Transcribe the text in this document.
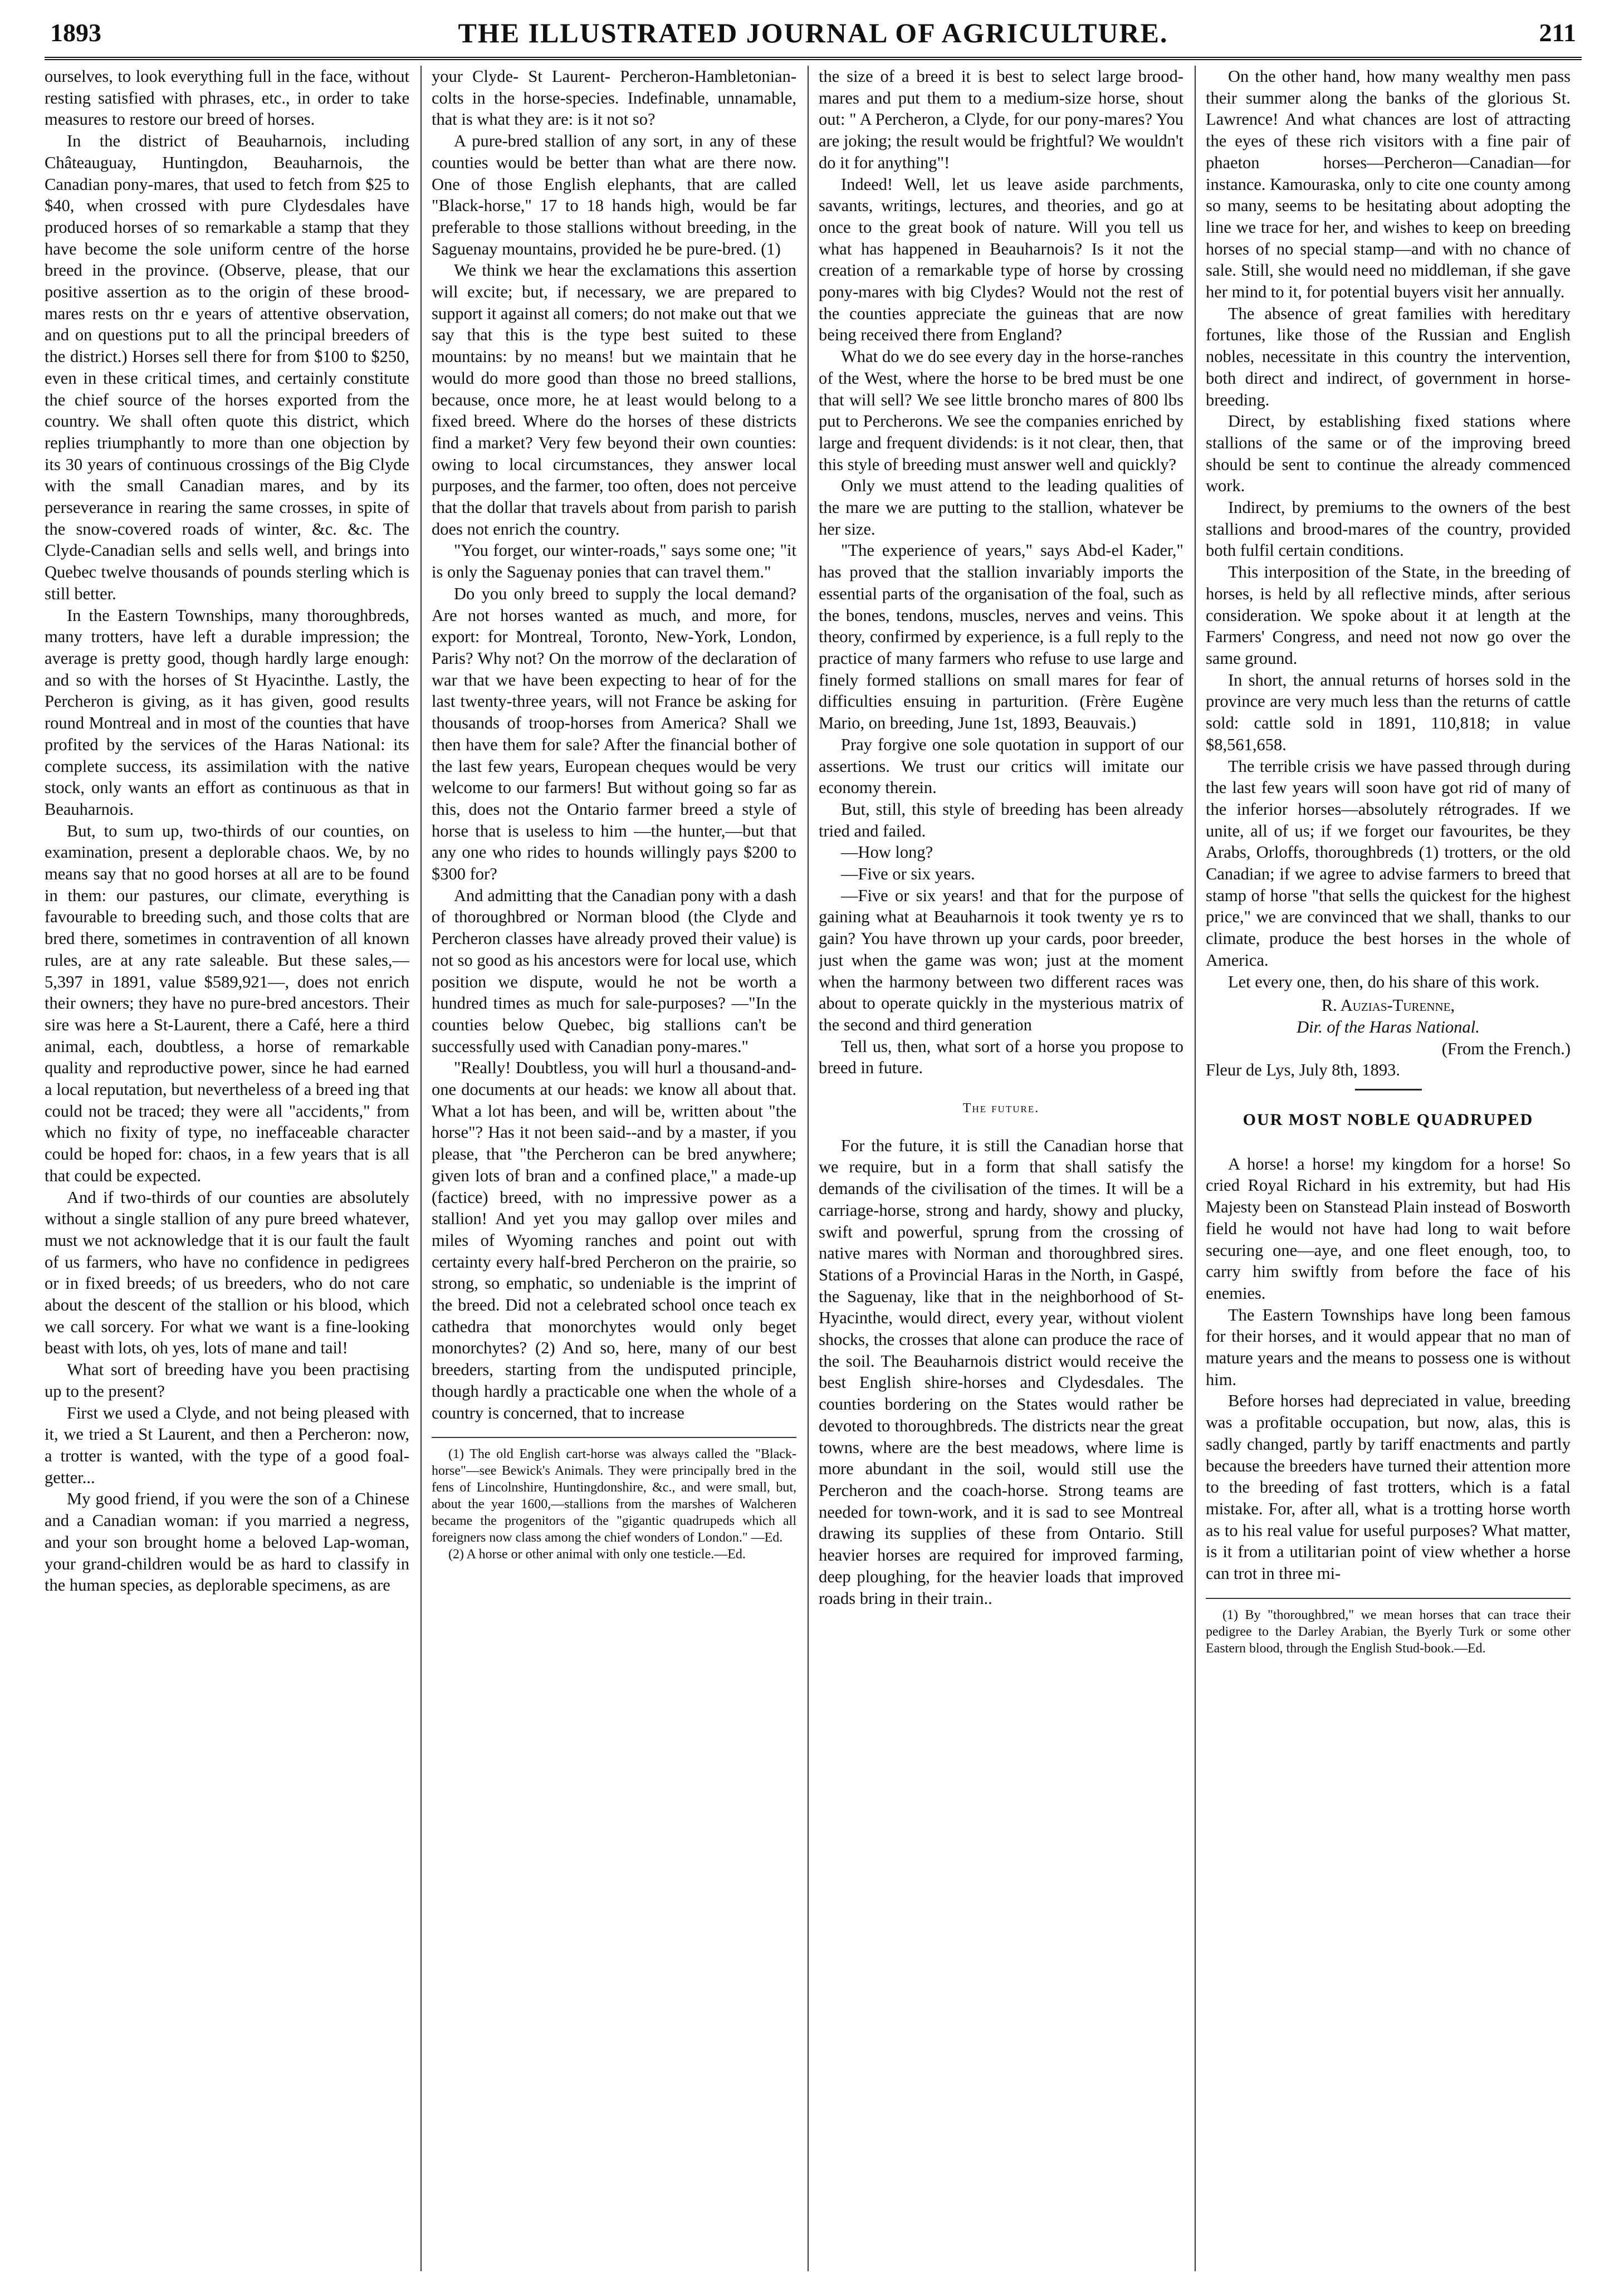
1893	THE ILLUSTRATED JOURNAL OF AGRICULTURE.	211

ourselves, to look everything full in the face, without resting satisfied with phrases, etc., in order to take measures to restore our breed of horses.

In the district of Beauharnois, including Châteauguay, Huntingdon, Beauharnois, the Canadian pony-mares, that used to fetch from $25 to $40, when crossed with pure Clydesdales have produced horses of so remarkable a stamp that they have become the sole uniform centre of the horse breed in the province. (Observe, please, that our positive assertion as to the origin of these brood-mares rests on thr e years of attentive observation, and on questions put to all the principal breeders of the district.) Horses sell there for from $100 to $250, even in these critical times, and certainly constitute the chief source of the horses exported from the country. We shall often quote this district, which replies triumphantly to more than one objection by its 30 years of continuous crossings of the Big Clyde with the small Canadian mares, and by its perseverance in rearing the same crosses, in spite of the snow-covered roads of winter, &c. &c. The Clyde-Canadian sells and sells well, and brings into Quebec twelve thousands of pounds sterling which is still better.

In the Eastern Townships, many thoroughbreds, many trotters, have left a durable impression; the average is pretty good, though hardly large enough: and so with the horses of St Hyacinthe. Lastly, the Percheron is giving, as it has given, good results round Montreal and in most of the counties that have profited by the services of the Haras National: its complete success, its assimilation with the native stock, only wants an effort as continuous as that in Beauharnois.

But, to sum up, two-thirds of our counties, on examination, present a deplorable chaos. We, by no means say that no good horses at all are to be found in them: our pastures, our climate, everything is favourable to breeding such, and those colts that are bred there, sometimes in contravention of all known rules, are at any rate saleable. But these sales,—5,397 in 1891, value $589,921—, does not enrich their owners; they have no pure-bred ancestors. Their sire was here a St-Laurent, there a Café, here a third animal, each, doubtless, a horse of remarkable quality and reproductive power, since he had earned a local reputation, but nevertheless of a breed ing that could not be traced; they were all "accidents," from which no fixity of type, no ineffaceable character could be hoped for: chaos, in a few years that is all that could be expected.

And if two-thirds of our counties are absolutely without a single stallion of any pure breed whatever, must we not acknowledge that it is our fault the fault of us farmers, who have no confidence in pedigrees or in fixed breeds; of us breeders, who do not care about the descent of the stallion or his blood, which we call sorcery. For what we want is a fine-looking beast with lots, oh yes, lots of mane and tail!

What sort of breeding have you been practising up to the present?

First we used a Clyde, and not being pleased with it, we tried a St Laurent, and then a Percheron: now, a trotter is wanted, with the type of a good foal-getter...

My good friend, if you were the son of a Chinese and a Canadian woman: if you married a negress, and your son brought home a beloved Lap-woman, your grand-children would be as hard to classify in the human species, as deplorable specimens, as are

your Clyde- St Laurent- Percheron-Hambletonian-colts in the horse-species. Indefinable, unnamable, that is what they are: is it not so?

A pure-bred stallion of any sort, in any of these counties would be better than what are there now. One of those English elephants, that are called "Black-horse," 17 to 18 hands high, would be far preferable to those stallions without breeding, in the Saguenay mountains, provided he be pure-bred. (1)

We think we hear the exclamations this assertion will excite; but, if necessary, we are prepared to support it against all comers; do not make out that we say that this is the type best suited to these mountains: by no means! but we maintain that he would do more good than those no breed stallions, because, once more, he at least would belong to a fixed breed. Where do the horses of these districts find a market? Very few beyond their own counties: owing to local circumstances, they answer local purposes, and the farmer, too often, does not perceive that the dollar that travels about from parish to parish does not enrich the country.

"You forget, our winter-roads," says some one; "it is only the Saguenay ponies that can travel them."

Do you only breed to supply the local demand? Are not horses wanted as much, and more, for export: for Montreal, Toronto, New-York, London, Paris? Why not? On the morrow of the declaration of war that we have been expecting to hear of for the last twenty-three years, will not France be asking for thousands of troop-horses from America? Shall we then have them for sale? After the financial bother of the last few years, European cheques would be very welcome to our farmers! But without going so far as this, does not the Ontario farmer breed a style of horse that is useless to him —the hunter,—but that any one who rides to hounds willingly pays $200 to $300 for?

And admitting that the Canadian pony with a dash of thoroughbred or Norman blood (the Clyde and Percheron classes have already proved their value) is not so good as his ancestors were for local use, which position we dispute, would he not be worth a hundred times as much for sale-purposes? —"In the counties below Quebec, big stallions can't be successfully used with Canadian pony-mares."

"Really! Doubtless, you will hurl a thousand-and-one documents at our heads: we know all about that. What a lot has been, and will be, written about "the horse"? Has it not been said--and by a master, if you please, that "the Percheron can be bred anywhere; given lots of bran and a confined place," a made-up (factice) breed, with no impressive power as a stallion! And yet you may gallop over miles and miles of Wyoming ranches and point out with certainty every half-bred Percheron on the prairie, so strong, so emphatic, so undeniable is the imprint of the breed. Did not a celebrated school once teach ex cathedra that monorchytes would only beget monorchytes? (2) And so, here, many of our best breeders, starting from the undisputed principle, though hardly a practicable one when the whole of a country is concerned, that to increase

(1) The old English cart-horse was always called the "Black-horse"—see Bewick's Animals. They were principally bred in the fens of Lincolnshire, Huntingdonshire, &c., and were small, but, about the year 1600,—stallions from the marshes of Walcheren became the progenitors of the "gigantic quadrupeds which all foreigners now class among the chief wonders of London." —Ed.

(2) A horse or other animal with only one testicle.—Ed.

the size of a breed it is best to select large brood-mares and put them to a medium-size horse, shout out: " A Percheron, a Clyde, for our pony-mares? You are joking; the result would be frightful? We wouldn't do it for anything"!

Indeed! Well, let us leave aside parchments, savants, writings, lectures, and theories, and go at once to the great book of nature. Will you tell us what has happened in Beauharnois? Is it not the creation of a remarkable type of horse by crossing pony-mares with big Clydes? Would not the rest of the counties appreciate the guineas that are now being received there from England?

What do we do see every day in the horse-ranches of the West, where the horse to be bred must be one that will sell? We see little broncho mares of 800 lbs put to Percherons. We see the companies enriched by large and frequent dividends: is it not clear, then, that this style of breeding must answer well and quickly?

Only we must attend to the leading qualities of the mare we are putting to the stallion, whatever be her size.

"The experience of years," says Abd-el Kader," has proved that the stallion invariably imports the essential parts of the organisation of the foal, such as the bones, tendons, muscles, nerves and veins. This theory, confirmed by experience, is a full reply to the practice of many farmers who refuse to use large and finely formed stallions on small mares for fear of difficulties ensuing in parturition. (Frère Eugène Mario, on breeding, June 1st, 1893, Beauvais.)

Pray forgive one sole quotation in support of our assertions. We trust our critics will imitate our economy therein.

But, still, this style of breeding has been already tried and failed.

—How long?

—Five or six years.

—Five or six years! and that for the purpose of gaining what at Beauharnois it took twenty ye rs to gain? You have thrown up your cards, poor breeder, just when the game was won; just at the moment when the harmony between two different races was about to operate quickly in the mysterious matrix of the second and third generation

Tell us, then, what sort of a horse you propose to breed in future.

The future.

For the future, it is still the Canadian horse that we require, but in a form that shall satisfy the demands of the civilisation of the times. It will be a carriage-horse, strong and hardy, showy and plucky, swift and powerful, sprung from the crossing of native mares with Norman and thoroughbred sires. Stations of a Provincial Haras in the North, in Gaspé, the Saguenay, like that in the neighborhood of St-Hyacinthe, would direct, every year, without violent shocks, the crosses that alone can produce the race of the soil. The Beauharnois district would receive the best English shire-horses and Clydesdales. The counties bordering on the States would rather be devoted to thoroughbreds. The districts near the great towns, where are the best meadows, where lime is more abundant in the soil, would still use the Percheron and the coach-horse. Strong teams are needed for town-work, and it is sad to see Montreal drawing its supplies of these from Ontario. Still heavier horses are required for improved farming, deep ploughing, for the heavier loads that improved roads bring in their train..

On the other hand, how many wealthy men pass their summer along the banks of the glorious St. Lawrence! And what chances are lost of attracting the eyes of these rich visitors with a fine pair of phaeton horses—Percheron—Canadian—for instance. Kamouraska, only to cite one county among so many, seems to be hesitating about adopting the line we trace for her, and wishes to keep on breeding horses of no special stamp—and with no chance of sale. Still, she would need no middleman, if she gave her mind to it, for potential buyers visit her annually.

The absence of great families with hereditary fortunes, like those of the Russian and English nobles, necessitate in this country the intervention, both direct and indirect, of government in horse-breeding.

Direct, by establishing fixed stations where stallions of the same or of the improving breed should be sent to continue the already commenced work.

Indirect, by premiums to the owners of the best stallions and brood-mares of the country, provided both fulfil certain conditions.

This interposition of the State, in the breeding of horses, is held by all reflective minds, after serious consideration. We spoke about it at length at the Farmers' Congress, and need not now go over the same ground.

In short, the annual returns of horses sold in the province are very much less than the returns of cattle sold: cattle sold in 1891, 110,818; in value $8,561,658.

The terrible crisis we have passed through during the last few years will soon have got rid of many of the inferior horses—absolutely rétrogrades. If we unite, all of us; if we forget our favourites, be they Arabs, Orloffs, thoroughbreds (1) trotters, or the old Canadian; if we agree to advise farmers to breed that stamp of horse "that sells the quickest for the highest price," we are convinced that we shall, thanks to our climate, produce the best horses in the whole of America.

Let every one, then, do his share of this work.

R. Auzias-Turenne,
Dir. of the Haras National.
(From the French.)

Fleur de Lys, July 8th, 1893.

OUR MOST NOBLE QUADRUPED

A horse! a horse! my kingdom for a horse! So cried Royal Richard in his extremity, but had His Majesty been on Stanstead Plain instead of Bosworth field he would not have had long to wait before securing one—aye, and one fleet enough, too, to carry him swiftly from before the face of his enemies.

The Eastern Townships have long been famous for their horses, and it would appear that no man of mature years and the means to possess one is without him.

Before horses had depreciated in value, breeding was a profitable occupation, but now, alas, this is sadly changed, partly by tariff enactments and partly because the breeders have turned their attention more to the breeding of fast trotters, which is a fatal mistake. For, after all, what is a trotting horse worth as to his real value for useful purposes? What matter, is it from a utilitarian point of view whether a horse can trot in three mi-

(1) By "thoroughbred," we mean horses that can trace their pedigree to the Darley Arabian, the Byerly Turk or some other Eastern blood, through the English Stud-book.—Ed.
